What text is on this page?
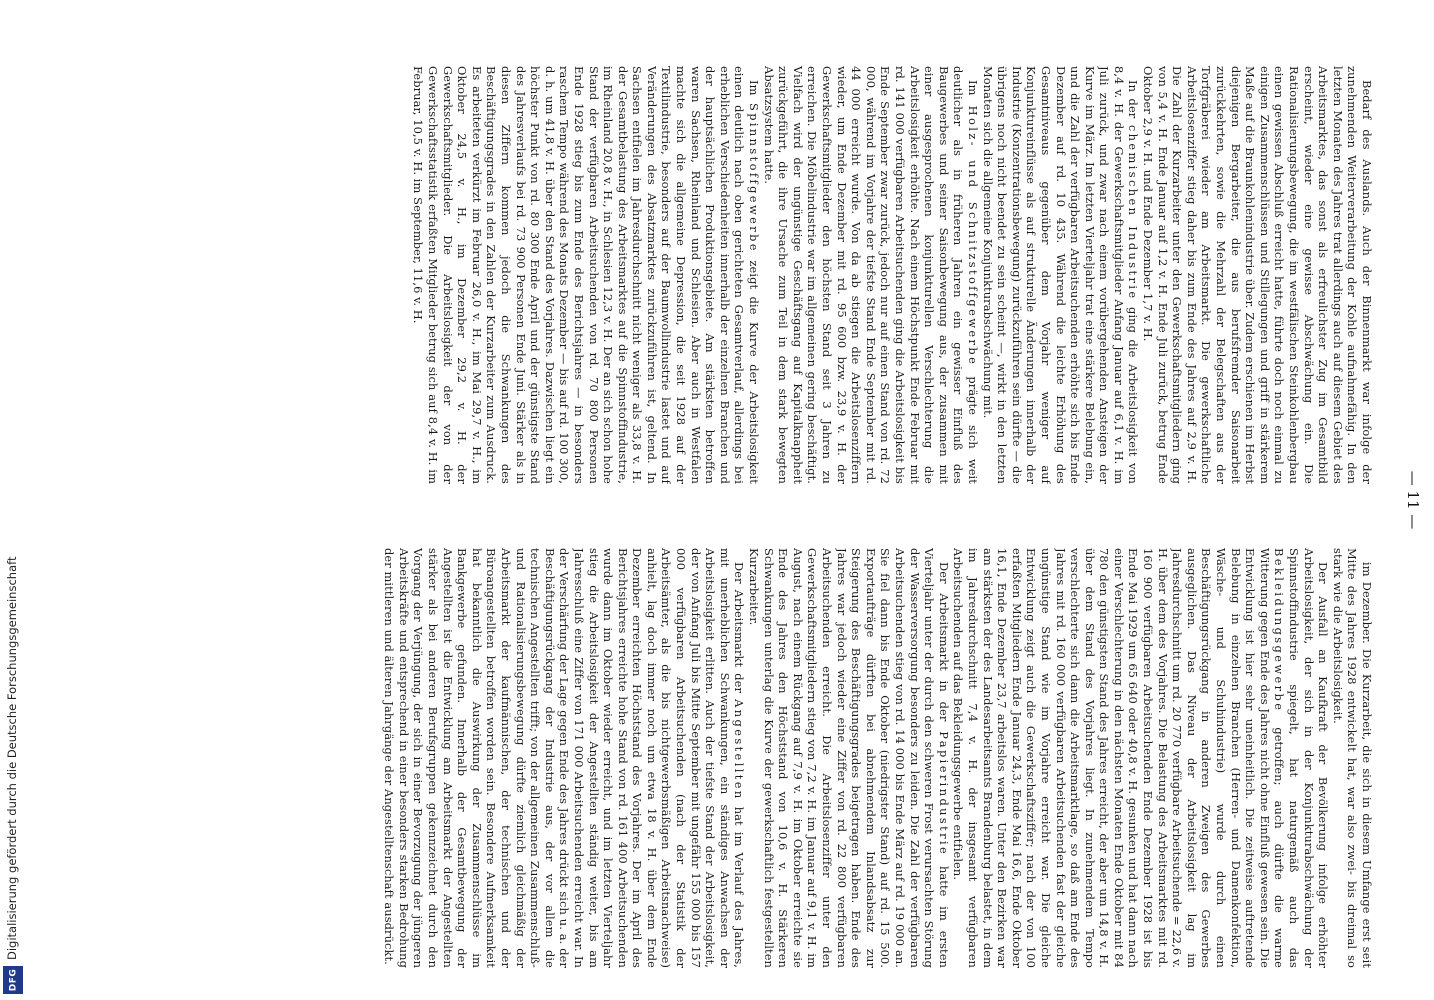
— 11 —

Bedarf des Auslands. Auch der Binnenmarkt war infolge der zunehmenden Weiterverarbeitung der Kohle aufnahmefähig. In den letzten Monaten des Jahres trat allerdings auch auf diesem Gebiet des Arbeitsmarktes, das sonst als erfreulichster Zug im Gesamtbild erscheint, wieder eine gewisse Abschwächung ein. Die Rationalisierungsbewegung, die im westfälischen Steinkohlenbergbau einen gewissen Abschluß erreicht hatte, führte doch noch einmal zu einigen Zusammenschlüssen und Stillegungen und griff in stärkerem Maße auf die Braunkohlenindustrie über. Zudem erschienen im Herbst diejenigen Bergarbeiter, die aus berufsfremder Saisonarbeit zurückkehrten, sowie die Mehrzahl der Belegschaften aus der Torfgräberei wieder am Arbeitsmarkt. Die gewerkschaftliche Arbeitslosenziffer stieg daher bis zum Ende des Jahres auf 2,9 v. H. Die Zahl der Kurzarbeiter unter den Gewerkschaftsmitgliedern ging von 5,4 v. H. Ende Januar auf 1,2 v. H. Ende Juli zurück, betrug Ende Oktober 2,9 v. H. und Ende Dezember 1,7 v. H.

In der chemischen Industrie ging die Arbeitslosigkeit von 8,4 v. H. der Gewerkschaftsmitglieder Anfang Januar auf 6,1 v. H. im Juli zurück, und zwar nach einem vorübergehenden Ansteigen der Kurve im März. Im letzten Vierteljahr trat eine stärkere Belebung ein, und die Zahl der verfügbaren Arbeitsuchenden erhöhte sich bis Ende Dezember auf rd. 10 435. Während die leichte Erhöhung des Gesamtniveaus gegenüber dem Vorjahr weniger auf Konjunktureinflüsse als auf strukturelle Änderungen innerhalb der Industrie (Konzentrationsbewegung) zurückzuführen sein dürfte — die übrigens noch nicht beendet zu sein scheint —, wirkt in den letzten Monaten sich die allgemeine Konjunkturabschwächung mit.

Im Holz- und Schnitzstoffgewerbe prägte sich weit deutlicher als in früheren Jahren ein gewisser Einfluß des Baugewerbes und seiner Saisonbewegung aus, der zusammen mit einer ausgesprochenen konjunkturellen Verschlechterung die Arbeitslosigkeit erhöhte. Nach einem Höchstpunkt Ende Februar mit rd. 141 000 verfügbaren Arbeitsuchenden ging die Arbeitslosigkeit bis Ende September zwar zurück, jedoch nur auf einen Stand von rd. 72 000, während im Vorjahre der tiefste Stand Ende September mit rd. 44 000 erreicht wurde. Von da ab stiegen die Arbeitslosenziffern wieder, um Ende Dezember mit rd. 95 600 bzw. 23,9 v. H. der Gewerkschaftsmitglieder den höchsten Stand seit 3 Jahren zu erreichen. Die Möbelindustrie war im allgemeinen gering beschäftigt. Vielfach wird der ungünstige Geschäftsgang auf Kapitalknappheit zurückgeführt, die ihre Ursache zum Teil in dem stark bewegten Absatzsystem hatte.

Im Spinnstoffgewerbe zeigt die Kurve der Arbeitslosigkeit einen deutlich nach oben gerichteten Gesamtverlauf, allerdings bei erheblichen Verschiedenheiten innerhalb der einzelnen Branchen und der hauptsächlichen Produktionsgebiete. Am stärksten betroffen waren Sachsen, Rheinland und Schlesien. Aber auch in Westfalen machte sich die allgemeine Depression, die seit 1928 auf der Textilindustrie, besonders auf der Baumwollindustrie lastet und auf Veränderungen des Absatzmarktes zurückzuführen ist, geltend. In Sachsen entfielen im Jahresdurchschnitt nicht weniger als 33,8 v. H. der Gesamtbelastung des Arbeitsmarktes auf die Spinnstoffindustrie, im Rheinland 20,8 v. H., in Schlesien 12,3 v. H. Der an sich schon hohe Stand der verfügbaren Arbeitsuchenden von rd. 70 800 Personen Ende 1928 stieg bis zum Ende des Berichtsjahres — in besonders raschem Tempo während des Monats Dezember — bis auf rd. 100 300, d. h. um 41,8 v. H. über den Stand des Vorjahres. Dazwischen liegt ein höchster Punkt von rd. 80 300 Ende April und der günstigste Stand des Jahresverlaufs bei rd. 73 900 Personen Ende Juni. Stärker als in diesen Ziffern kommen jedoch die Schwankungen des Beschäftigungsgrades in den Zahlen der Kurzarbeiter zum Ausdruck. Es arbeiteten verkürzt im Februar 26,0 v. H., im Mai 29,7 v. H., im Oktober 24,5 v. H., im Dezember 29,2 v. H. der Gewerkschaftsmitglieder. Die Arbeitslosigkeit der von der Gewerkschaftsstatistik erfaßten Mitglieder betrug sich auf 8,4 v. H. im Februar, 10,5 v. H. im September, 11,6 v. H.

im Dezember. Die Kurzarbeit, die sich in diesem Umfange erst seit Mitte des Jahres 1928 entwickelt hat, war also zwei- bis dreimal so stark wie die Arbeitslosigkeit.

Der Ausfall an Kaufkraft der Bevölkerung infolge erhöhter Arbeitslosigkeit, der sich in der Konjunkturabschwächung der Spinnstoffindustrie spiegelt, hat naturgemäß auch das Bekleidungsgewerbe getroffen; auch dürfte die warme Witterung gegen Ende des Jahres nicht ohne Einfluß gewesen sein. Die Entwicklung ist hier sehr uneinheitlich. Die zeitweise auftretende Belebung in einzelnen Branchen (Herren- und Damenkonfektion, Wäsche- und Schuhindustrie) wurde durch einen Beschäftigungsrückgang in anderen Zweigen des Gewerbes ausgeglichen. Das Niveau der Arbeitslosigkeit lag im Jahresdurchschnitt um rd. 20 770 verfügbare Arbeitsuchende = 22,6 v. H. über dem des Vorjahres. Die Belastung des Arbeitsmarktes mit rd. 160 900 verfügbaren Arbeitsuchenden Ende Dezember 1928 ist bis Ende Mai 1929 um 65 640 oder 40,8 v. H. gesunken und hat dann nach einer Verschlechterung in den nächsten Monaten Ende Oktober mit 84 780 den günstigsten Stand des Jahres erreicht, der aber um 14,8 v. H. über dem Stand des Vorjahres liegt. In zunehmendem Tempo verschlechterte sich dann die Arbeitsmarktlage, so daß am Ende des Jahres mit rd. 160 000 verfügbaren Arbeitsuchenden fast der gleiche ungünstige Stand wie im Vorjahre erreicht war. Die gleiche Entwicklung zeigt auch die Gewerkschaftsziffer; nach der von 100 erfaßten Mitgliedern Ende Januar 24,3, Ende Mai 16,6, Ende Oktober 16,1, Ende Dezember 23,7 arbeitslos waren. Unter den Bezirken war am stärksten der des Landesarbeitsamts Brandenburg belastet, in dem im Jahresdurchschnitt 7,4 v. H. der insgesamt verfügbaren Arbeitsuchenden auf das Bekleidungsgewerbe entfielen.

Der Arbeitsmarkt in der Papierindustrie hatte im ersten Vierteljahr unter der durch den schweren Frost verursachten Störung der Wasserversorgung besonders zu leiden. Die Zahl der verfügbaren Arbeitsuchenden stieg von rd. 14 000 bis Ende März auf rd. 19 000 an. Sie fiel dann bis Ende Oktober (niedrigster Stand) auf rd. 15 500. Exportaufträge dürften bei abnehmendem Inlandsabsatz zur Steigerung des Beschäftigungsgrades beigetragen haben. Ende des Jahres war jedoch wieder eine Ziffer von rd. 22 800 verfügbaren Arbeitsuchenden erreicht. Die Arbeitslosenziffer unter den Gewerkschaftsmitgliedern stieg von 7,2 v. H. im Januar auf 9,1 v. H. im August, nach einem Rückgang auf 7,9 v. H. im Oktober erreichte sie Ende des Jahres den Höchststand von 10,6 v. H. Stärkeren Schwankungen unterlag die Kurve der gewerkschaftlich festgestellten Kurzarbeiter.

Der Arbeitsmarkt der Angestellten hat im Verlauf des Jahres, mit unerheblichen Schwankungen, ein ständiges Anwachsen der Arbeitslosigkeit erlitten. Auch der tiefste Stand der Arbeitslosigkeit, der von Anfang Juli bis Mitte September mit ungefähr 155 000 bis 157 000 verfügbaren Arbeitsuchenden (nach der Statistik der Arbeitsämter, als die bis nichtgewerbsmäßigen Arbeitsnachweise) anhielt, lag doch immer noch um etwa 18 v. H. über dem Ende Dezember erreichten Höchststand des Vorjahres. Der im April des Berichtsjahres erreichte hohe Stand von rd. 161 400 Arbeitsuchenden wurde dann im Oktober wieder erreicht, und im letzten Vierteljahr stieg die Arbeitslosigkeit der Angestellten ständig weiter, bis am Jahresschluß eine Ziffer von 171 000 Arbeitsuchenden erreicht war. In der Verschärfung der Lage gegen Ende des Jahres drückt sich u. a. der Beschäftigungsrückgang der Industrie aus, der vor allem die technischen Angestellten trifft; von der allgemeinen Zusammenschluß- und Rationalisierungsbewegung dürfte ziemlich gleichmäßig der Arbeitsmarkt der kaufmännischen, der technischen und der Büroangestellten betroffen worden sein. Besondere Aufmerksamkeit hat bekanntlich die Auswirkung der Zusammenschlüsse im Bankgewerbe gefunden. Innerhalb der Gesamtbewegung der Angestellten ist die Entwicklung am Arbeitsmarkt der Angestellten stärker als bei anderen Berufsgruppen gekennzeichnet durch den Vorgang der Verjüngung, der sich in einer Bevorzugung der jüngeren Arbeitskräfte und entsprechend in einer besonders starken Bedrohung der mittleren und älteren Jahrgänge der Angestelltenschaft ausdrückt.

Digitalisierung gefördert durch die Deutsche Forschungsgemeinschaft
DFG
